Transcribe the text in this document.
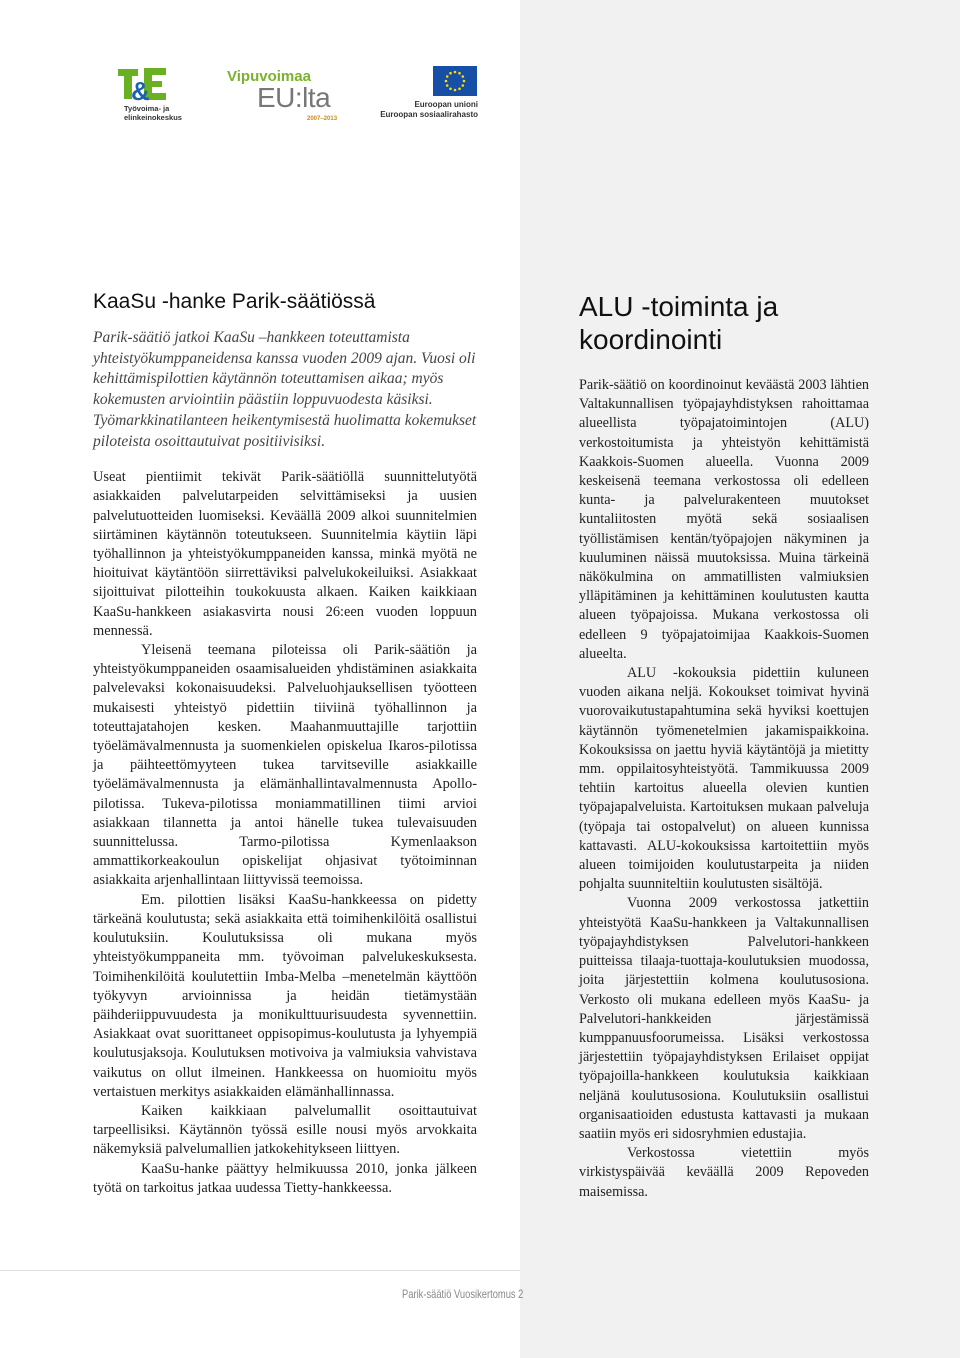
&
Työvoima- ja
elinkeinokeskus
Vipuvoimaa
EU:lta
2007–2013
Euroopan unioni
Euroopan sosiaalirahasto
KaaSu -hanke Parik-säätiössä

Parik-säätiö jatkoi KaaSu –hankkeen toteuttamista yhteistyökumppaneidensa kanssa vuoden 2009 ajan. Vuosi oli kehittämispilottien käytännön toteuttamisen aikaa; myös kokemusten arviointiin päästiin loppuvuodesta käsiksi. Työmarkkinatilanteen heikentymisestä huolimatta kokemukset piloteista osoittautuivat positiivisiksi.

Useat pientiimit tekivät Parik-säätiöllä suunnittelutyötä asiakkaiden palvelutarpeiden selvittämiseksi ja uusien palvelutuotteiden luomiseksi. Keväällä 2009 alkoi suunnitelmien siirtäminen käytännön toteutukseen. Suunnitelmia käytiin läpi työhallinnon ja yhteistyökumppaneiden kanssa, minkä myötä ne hioituivat käytäntöön siirrettäviksi palvelukokeiluiksi. Asiakkaat sijoittuivat pilotteihin toukokuusta alkaen. Kaiken kaikkiaan KaaSu-hankkeen asiakasvirta nousi 26:een vuoden loppuun mennessä.

Yleisenä teemana piloteissa oli Parik-säätiön ja yhteistyökumppaneiden osaamisalueiden yhdistäminen asiakkaita palvelevaksi kokonaisuudeksi. Palveluohjauksellisen työotteen mukaisesti yhteistyö pidettiin tiiviinä työhallinnon ja toteuttajatahojen kesken. Maahanmuuttajille tarjottiin työelämävalmennusta ja suomenkielen opiskelua Ikaros-pilotissa ja päihteettömyyteen tukea tarvitseville asiakkaille työelämävalmennusta ja elämänhallintavalmennusta Apollo-pilotissa. Tukeva-pilotissa moniammatillinen tiimi arvioi asiakkaan tilannetta ja antoi hänelle tukea tulevaisuuden suunnittelussa. Tarmo-pilotissa Kymenlaakson ammattikorkeakoulun opiskelijat ohjasivat työtoiminnan asiakkaita arjenhallintaan liittyvissä teemoissa.

Em. pilottien lisäksi KaaSu-hankkeessa on pidetty tärkeänä koulutusta; sekä asiakkaita että toimihenkilöitä osallistui koulutuksiin. Koulutuksissa oli mukana myös yhteistyökumppaneita mm. työvoiman palvelukeskuksesta. Toimihenkilöitä koulutettiin Imba-Melba –menetelmän käyttöön työkyvyn arvioinnissa ja heidän tietämystään päihderiippuvuudesta ja monikulttuurisuudesta syvennettiin. Asiakkaat ovat suorittaneet oppisopimus-koulutusta ja lyhyempiä koulutusjaksoja. Koulutuksen motivoiva ja valmiuksia vahvistava vaikutus on ollut ilmeinen. Hankkeessa on huomioitu myös vertaistuen merkitys asiakkaiden elämänhallinnassa.

Kaiken kaikkiaan palvelumallit osoittautuivat tarpeellisiksi. Käytännön työssä esille nousi myös arvokkaita näkemyksiä palvelumallien jatkokehitykseen liittyen.

KaaSu-hanke päättyy helmikuussa 2010, jonka jälkeen työtä on tarkoitus jatkaa uudessa Tietty-hankkeessa.

ALU -toiminta ja
koordinointi

Parik-säätiö on koordinoinut keväästä 2003 lähtien Valtakunnallisen työpajayhdistyksen rahoittamaa alueellista työpajatoimintojen (ALU) verkostoitumista ja yhteistyön kehittämistä Kaakkois-Suomen alueella. Vuonna 2009 keskeisenä teemana verkostossa oli edelleen kunta- ja palvelurakenteen muutokset kuntaliitosten myötä sekä sosiaalisen työllistämisen kentän/työpajojen näkyminen ja kuuluminen näissä muutoksissa. Muina tärkeinä näkökulmina on ammatillisten valmiuksien ylläpitäminen ja kehittäminen koulutusten kautta alueen työpajoissa. Mukana verkostossa oli edelleen 9 työpajatoimijaa Kaakkois-Suomen alueelta.

ALU -kokouksia pidettiin kuluneen vuoden aikana neljä. Kokoukset toimivat hyvinä vuorovaikutustapahtumina sekä hyviksi koettujen käytännön työmenetelmien jakamispaikkoina. Kokouksissa on jaettu hyviä käytäntöjä ja mietitty mm. oppilaitosyhteistyötä. Tammikuussa 2009 tehtiin kartoitus alueella olevien kuntien työpajapalveluista. Kartoituksen mukaan palveluja (työpaja tai ostopalvelut) on alueen kunnissa kattavasti. ALU-kokouksissa kartoitettiin myös alueen toimijoiden koulutustarpeita ja niiden pohjalta suunniteltiin koulutusten sisältöjä.

Vuonna 2009 verkostossa jatkettiin yhteistyötä KaaSu-hankkeen ja Valtakunnallisen työpajayhdistyksen Palvelutori-hankkeen puitteissa tilaaja-tuottaja-koulutuksien muodossa, joita järjestettiin kolmena koulutusosiona. Verkosto oli mukana edelleen myös KaaSu- ja Palvelutori-hankkeiden järjestämissä kumppanuusfoorumeissa. Lisäksi verkostossa järjestettiin työpajayhdistyksen Erilaiset oppijat työpajoilla-hankkeen koulutuksia kaikkiaan neljänä koulutusosiona. Koulutuksiin osallistui organisaatioiden edustusta kattavasti ja mukaan saatiin myös eri sidosryhmien edustajia.

Verkostossa vietettiin myös virkistyspäivää keväällä 2009 Repoveden maisemissa.

Parik-säätiö Vuosikertomus 2
